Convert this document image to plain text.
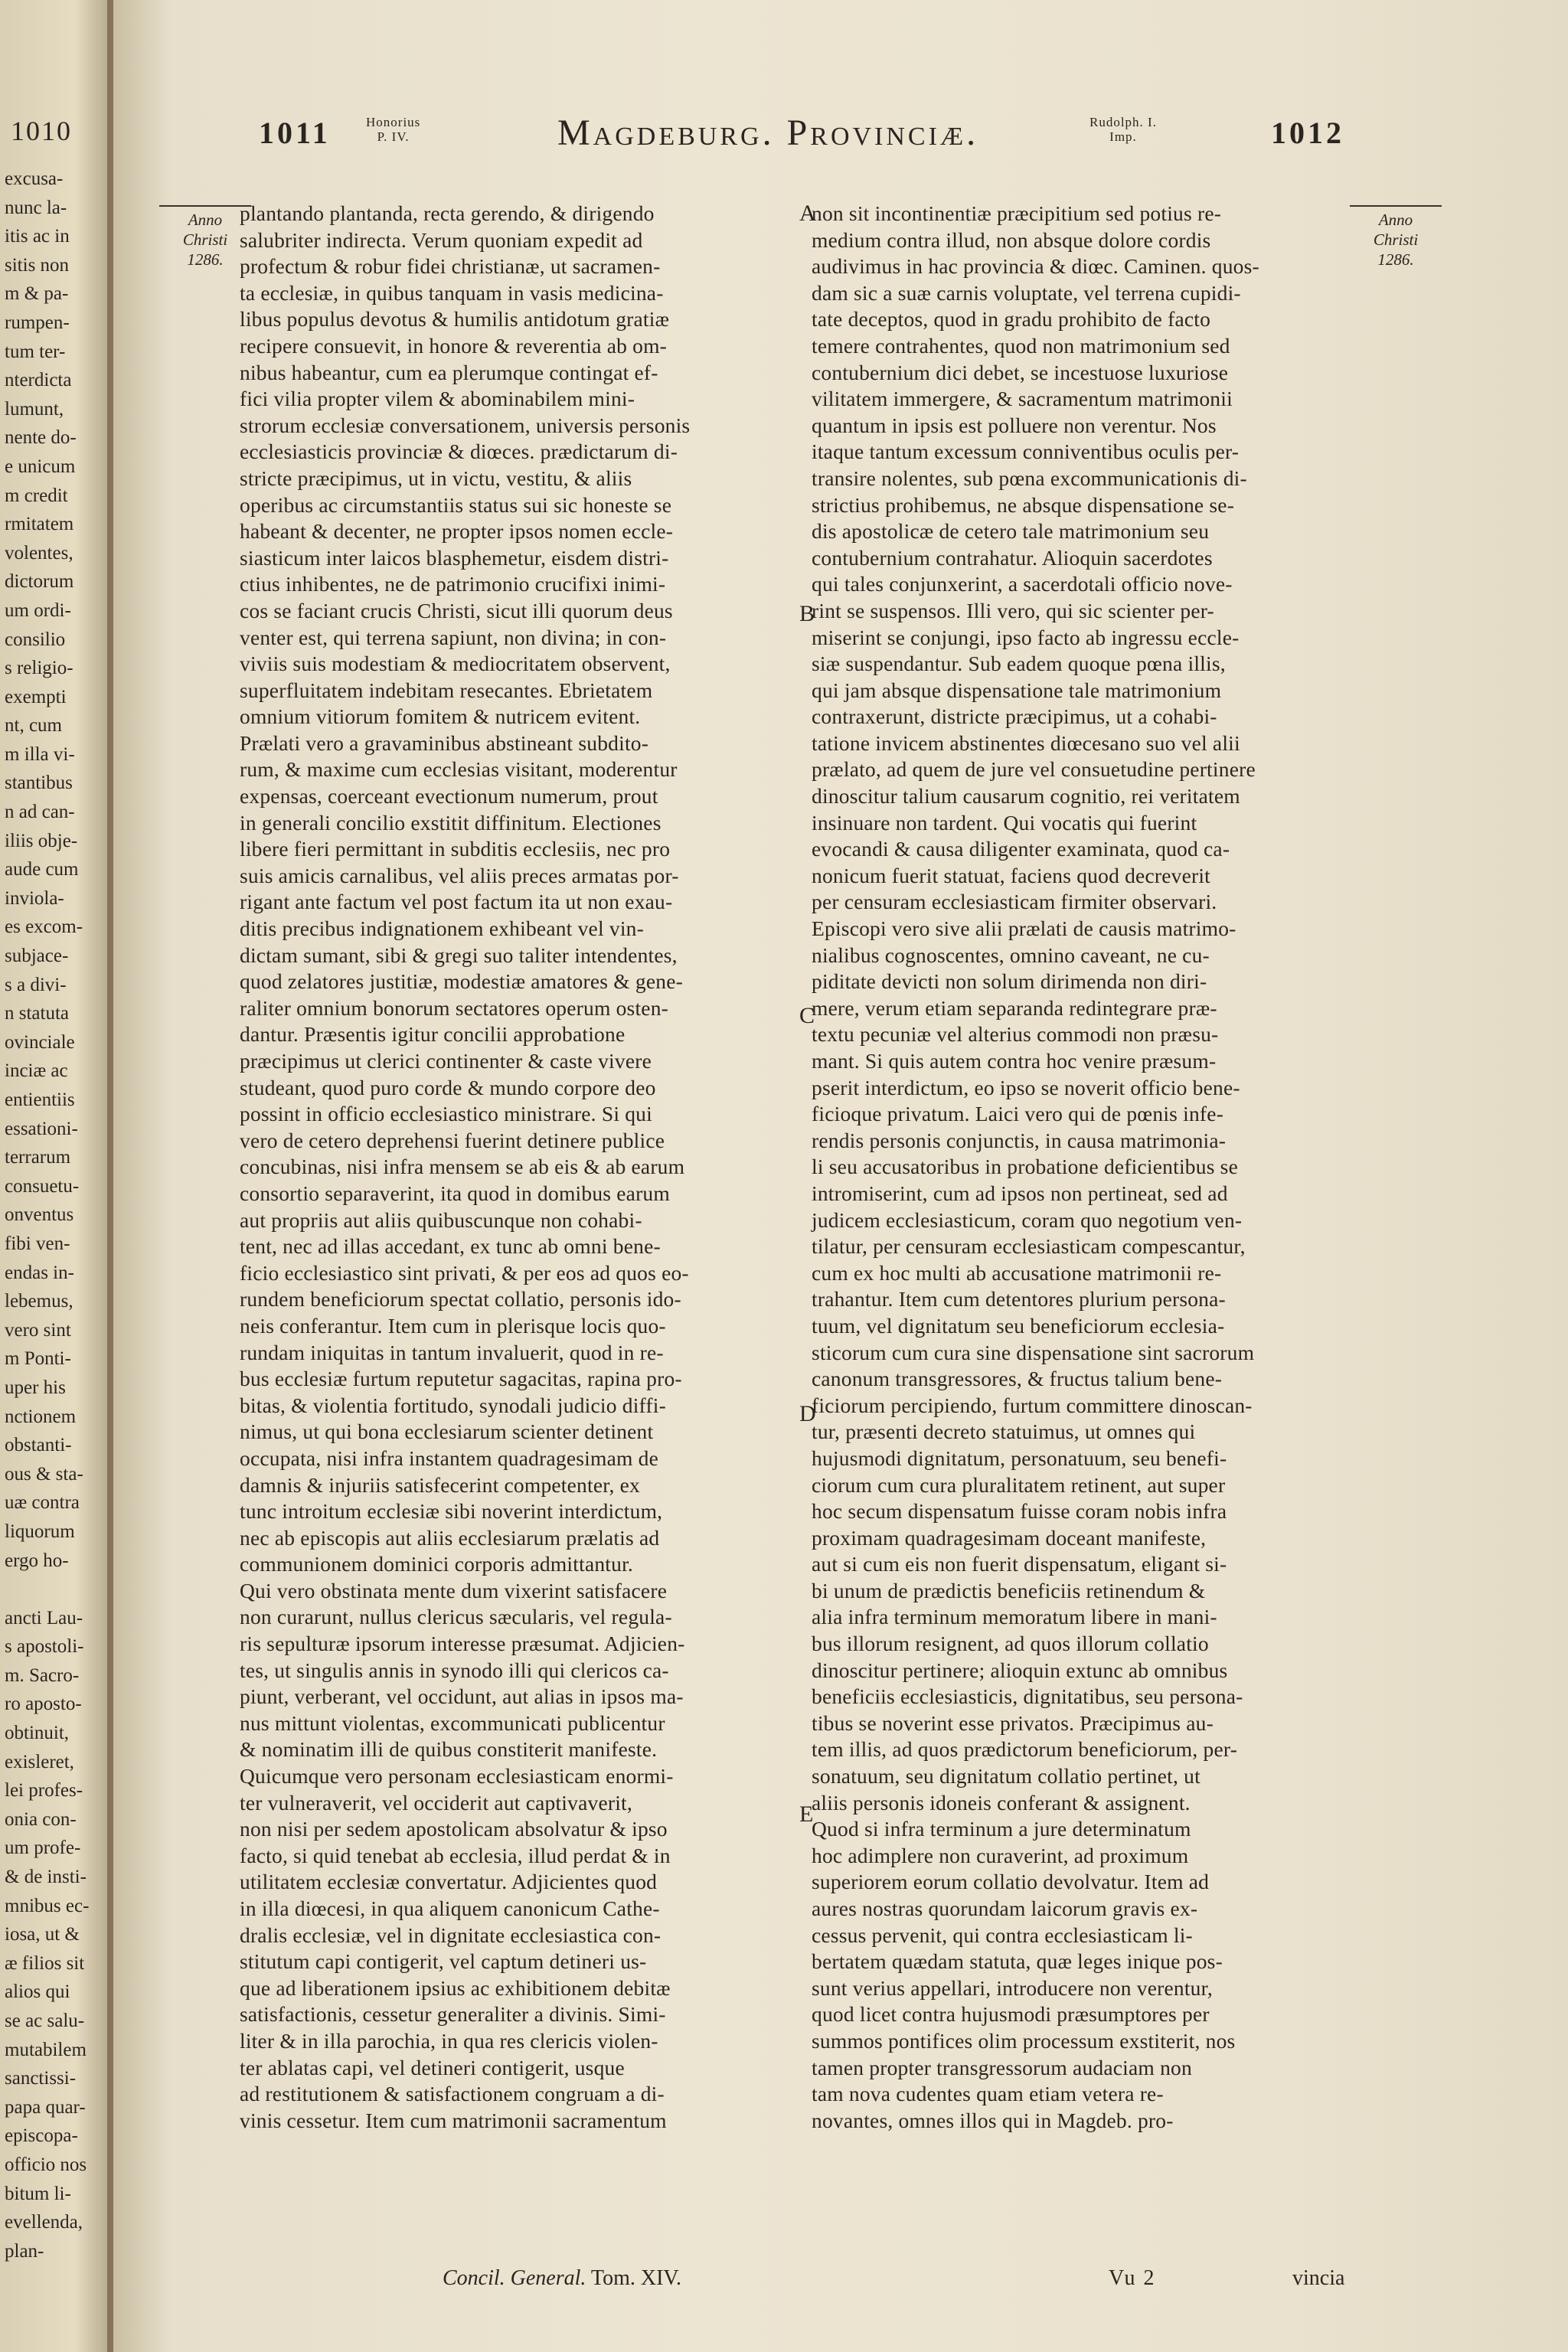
1010
excusa-
nunc la-
itis ac in
sitis non
m & pa-
rumpen-
tum ter-
nterdicta
lumunt,
nente do-
e unicum
m credit
rmitatem
volentes,
dictorum
um ordi-
consilio
s religio-
exempti
nt, cum
m illa vi-
stantibus
n ad can-
iliis obje-
aude cum
inviola-
es excom-
subjace-
s a divi-
n statuta
ovinciale
inciæ ac
entientiis
essationi-
terrarum
consuetu-
onventus
fibi ven-
endas in-
lebemus,
vero sint
m Ponti-
uper his
nctionem
obstanti-
ous & sta-
uæ contra
liquorum
ergo ho-
ancti Lau-
s apostoli-
m. Sacro-
ro aposto-
obtinuit,
exisleret,
lei profes-
onia con-
um profe-
& de insti-
mnibus ec-
iosa, ut &
æ filios sit
alios qui
se ac salu-
mutabilem
sanctissi-
papa quar-
episcopa-
officio nos
bitum li-
evellenda,
plan-
1011	Honorius
P. IV.	Magdeburg. Provinciæ.	Rudolph. I.
Imp.	1012
Anno
Christi
1286.
Anno
Christi
1286.
plantando plantanda, recta gerendo, & dirigendo
salubriter indirecta. Verum quoniam expedit ad
profectum & robur fidei christianæ, ut sacramen-
ta ecclesiæ, in quibus tanquam in vasis medicina-
libus populus devotus & humilis antidotum gratiæ
recipere consuevit, in honore & reverentia ab om-
nibus habeantur, cum ea plerumque contingat ef-
fici vilia propter vilem & abominabilem mini-
strorum ecclesiæ conversationem, universis personis
ecclesiasticis provinciæ & diœces. prædictarum di-
stricte præcipimus, ut in victu, vestitu, & aliis
operibus ac circumstantiis status sui sic honeste se
habeant & decenter, ne propter ipsos nomen eccle-
siasticum inter laicos blasphemetur, eisdem distri-
ctius inhibentes, ne de patrimonio crucifixi inimi-
cos se faciant crucis Christi, sicut illi quorum deus
venter est, qui terrena sapiunt, non divina; in con-
viviis suis modestiam & mediocritatem observent,
superfluitatem indebitam resecantes. Ebrietatem
omnium vitiorum fomitem & nutricem evitent.
Prælati vero a gravaminibus abstineant subdito-
rum, & maxime cum ecclesias visitant, moderentur
expensas, coerceant evectionum numerum, prout
in generali concilio exstitit diffinitum. Electiones
libere fieri permittant in subditis ecclesiis, nec pro
suis amicis carnalibus, vel aliis preces armatas por-
rigant ante factum vel post factum ita ut non exau-
ditis precibus indignationem exhibeant vel vin-
dictam sumant, sibi & gregi suo taliter intendentes,
quod zelatores justitiæ, modestiæ amatores & gene-
raliter omnium bonorum sectatores operum osten-
dantur. Præsentis igitur concilii approbatione
præcipimus ut clerici continenter & caste vivere
studeant, quod puro corde & mundo corpore deo
possint in officio ecclesiastico ministrare. Si qui
vero de cetero deprehensi fuerint detinere publice
concubinas, nisi infra mensem se ab eis & ab earum
consortio separaverint, ita quod in domibus earum
aut propriis aut aliis quibuscunque non cohabi-
tent, nec ad illas accedant, ex tunc ab omni bene-
ficio ecclesiastico sint privati, & per eos ad quos eo-
rundem beneficiorum spectat collatio, personis ido-
neis conferantur. Item cum in plerisque locis quo-
rundam iniquitas in tantum invaluerit, quod in re-
bus ecclesiæ furtum reputetur sagacitas, rapina pro-
bitas, & violentia fortitudo, synodali judicio diffi-
nimus, ut qui bona ecclesiarum scienter detinent
occupata, nisi infra instantem quadragesimam de
damnis & injuriis satisfecerint competenter, ex
tunc introitum ecclesiæ sibi noverint interdictum,
nec ab episcopis aut aliis ecclesiarum prælatis ad
communionem dominici corporis admittantur.
Qui vero obstinata mente dum vixerint satisfacere
non curarunt, nullus clericus sæcularis, vel regula-
ris sepulturæ ipsorum interesse præsumat. Adjicien-
tes, ut singulis annis in synodo illi qui clericos ca-
piunt, verberant, vel occidunt, aut alias in ipsos ma-
nus mittunt violentas, excommunicati publicentur
& nominatim illi de quibus constiterit manifeste.
Quicumque vero personam ecclesiasticam enormi-
ter vulneraverit, vel occiderit aut captivaverit,
non nisi per sedem apostolicam absolvatur & ipso
facto, si quid tenebat ab ecclesia, illud perdat & in
utilitatem ecclesiæ convertatur. Adjicientes quod
in illa diœcesi, in qua aliquem canonicum Cathe-
dralis ecclesiæ, vel in dignitate ecclesiastica con-
stitutum capi contigerit, vel captum detineri us-
que ad liberationem ipsius ac exhibitionem debitæ
satisfactionis, cessetur generaliter a divinis. Simi-
liter & in illa parochia, in qua res clericis violen-
ter ablatas capi, vel detineri contigerit, usque
ad restitutionem & satisfactionem congruam a di-
vinis cessetur. Item cum matrimonii sacramentum
non sit incontinentiæ præcipitium sed potius re-
medium contra illud, non absque dolore cordis
audivimus in hac provincia & diœc. Caminen. quos-
dam sic a suæ carnis voluptate, vel terrena cupidi-
tate deceptos, quod in gradu prohibito de facto
temere contrahentes, quod non matrimonium sed
contubernium dici debet, se incestuose luxuriose
vilitatem immergere, & sacramentum matrimonii
quantum in ipsis est polluere non verentur. Nos
itaque tantum excessum conniventibus oculis per-
transire nolentes, sub pœna excommunicationis di-
strictius prohibemus, ne absque dispensatione se-
dis apostolicæ de cetero tale matrimonium seu
contubernium contrahatur. Alioquin sacerdotes
qui tales conjunxerint, a sacerdotali officio nove-
rint se suspensos. Illi vero, qui sic scienter per-
miserint se conjungi, ipso facto ab ingressu eccle-
siæ suspendantur. Sub eadem quoque pœna illis,
qui jam absque dispensatione tale matrimonium
contraxerunt, districte præcipimus, ut a cohabi-
tatione invicem abstinentes diœcesano suo vel alii
prælato, ad quem de jure vel consuetudine pertinere
dinoscitur talium causarum cognitio, rei veritatem
insinuare non tardent. Qui vocatis qui fuerint
evocandi & causa diligenter examinata, quod ca-
nonicum fuerit statuat, faciens quod decreverit
per censuram ecclesiasticam firmiter observari.
Episcopi vero sive alii prælati de causis matrimo-
nialibus cognoscentes, omnino caveant, ne cu-
piditate devicti non solum dirimenda non diri-
mere, verum etiam separanda redintegrare præ-
textu pecuniæ vel alterius commodi non præsu-
mant. Si quis autem contra hoc venire præsum-
pserit interdictum, eo ipso se noverit officio bene-
ficioque privatum. Laici vero qui de pœnis infe-
rendis personis conjunctis, in causa matrimonia-
li seu accusatoribus in probatione deficientibus se
intromiserint, cum ad ipsos non pertineat, sed ad
judicem ecclesiasticum, coram quo negotium ven-
tilatur, per censuram ecclesiasticam compescantur,
cum ex hoc multi ab accusatione matrimonii re-
trahantur. Item cum detentores plurium persona-
tuum, vel dignitatum seu beneficiorum ecclesia-
sticorum cum cura sine dispensatione sint sacrorum
canonum transgressores, & fructus talium bene-
ficiorum percipiendo, furtum committere dinoscan-
tur, præsenti decreto statuimus, ut omnes qui
hujusmodi dignitatum, personatuum, seu benefi-
ciorum cum cura pluralitatem retinent, aut super
hoc secum dispensatum fuisse coram nobis infra
proximam quadragesimam doceant manifeste,
aut si cum eis non fuerit dispensatum, eligant si-
bi unum de prædictis beneficiis retinendum &
alia infra terminum memoratum libere in mani-
bus illorum resignent, ad quos illorum collatio
dinoscitur pertinere; alioquin extunc ab omnibus
beneficiis ecclesiasticis, dignitatibus, seu persona-
tibus se noverint esse privatos. Præcipimus au-
tem illis, ad quos prædictorum beneficiorum, per-
sonatuum, seu dignitatum collatio pertinet, ut
aliis personis idoneis conferant & assignent.
Quod si infra terminum a jure determinatum
hoc adimplere non curaverint, ad proximum
superiorem eorum collatio devolvatur. Item ad
aures nostras quorundam laicorum gravis ex-
cessus pervenit, qui contra ecclesiasticam li-
bertatem quædam statuta, quæ leges inique pos-
sunt verius appellari, introducere non verentur,
quod licet contra hujusmodi præsumptores per
summos pontifices olim processum exstiterit, nos
tamen propter transgressorum audaciam non
tam nova cudentes quam etiam vetera re-
novantes, omnes illos qui in Magdeb. pro-
A
B
C
D
E
Concil. General. Tom. XIV.	Vu 2	vincia
